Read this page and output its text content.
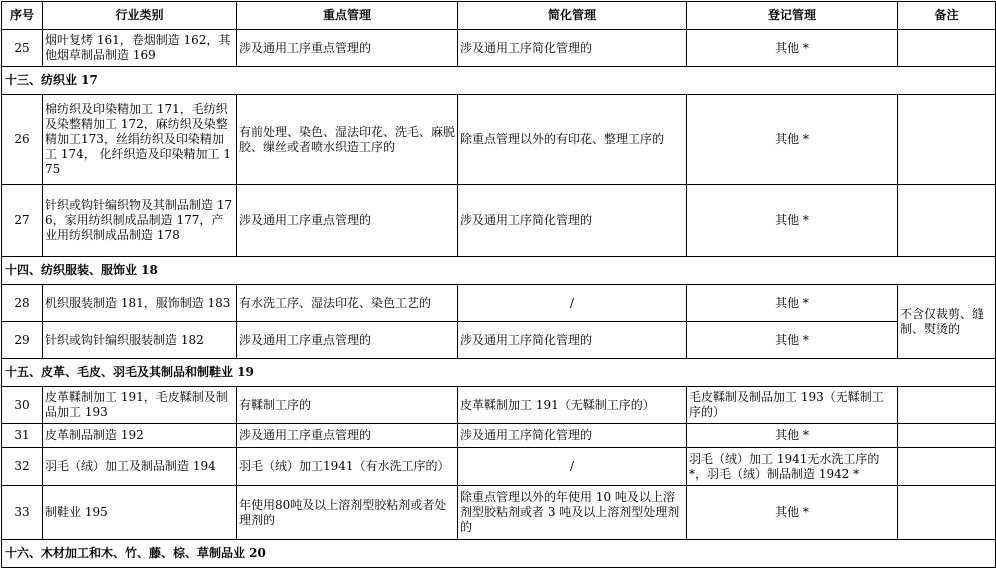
序号	行业类别	重点管理	简化管理	登记管理	备注
25	烟叶复烤 161，卷烟制造 162，其他烟草制品制造 169	涉及通用工序重点管理的	涉及通用工序简化管理的	其他 *	
十三、纺织业 17					
26	棉纺织及印染精加工 171，毛纺织及染整精加工 172，麻纺织及染整精加工173，丝绢纺织及印染精加工 174， 化纤织造及印染精加工 175	有前处理、染色、湿法印花、洗毛、麻脱胶、缫丝或者喷水织造工序的	除重点管理以外的有印花、整理工序的	其他 *	
27	针织或钩针编织物及其制品制造 176，家用纺织制成品制造 177，产业用纺织制成品制造 178	涉及通用工序重点管理的	涉及通用工序简化管理的	其他 *	
十四、纺织服装、服饰业 18					
28	机织服装制造 181，服饰制造 183	有水洗工序、湿法印花、染色工艺的	/	其他 *	不含仅裁剪、缝制、熨烫的
29	针织或钩针编织服装制造 182	涉及通用工序重点管理的	涉及通用工序简化管理的	其他 *	
十五、皮革、毛皮、羽毛及其制品和制鞋业 19					
30	皮革鞣制加工 191，毛皮鞣制及制品加工 193	有鞣制工序的	皮革鞣制加工 191（无鞣制工序的）	毛皮鞣制及制品加工 193（无鞣制工序的）	
31	皮革制品制造 192	涉及通用工序重点管理的	涉及通用工序简化管理的	其他 *	
32	羽毛（绒）加工及制品制造 194	羽毛（绒）加工1941（有水洗工序的）	/	羽毛（绒）加工 1941无水洗工序的 *，羽毛（绒）制品制造 1942 *	
33	制鞋业 195	年使用80吨及以上溶剂型胶粘剂或者处理剂的	除重点管理以外的年使用 10 吨及以上溶剂型胶粘剂或者 3 吨及以上溶剂型处理剂的	其他 *	
十六、木材加工和木、竹、藤、棕、草制品业 20					
